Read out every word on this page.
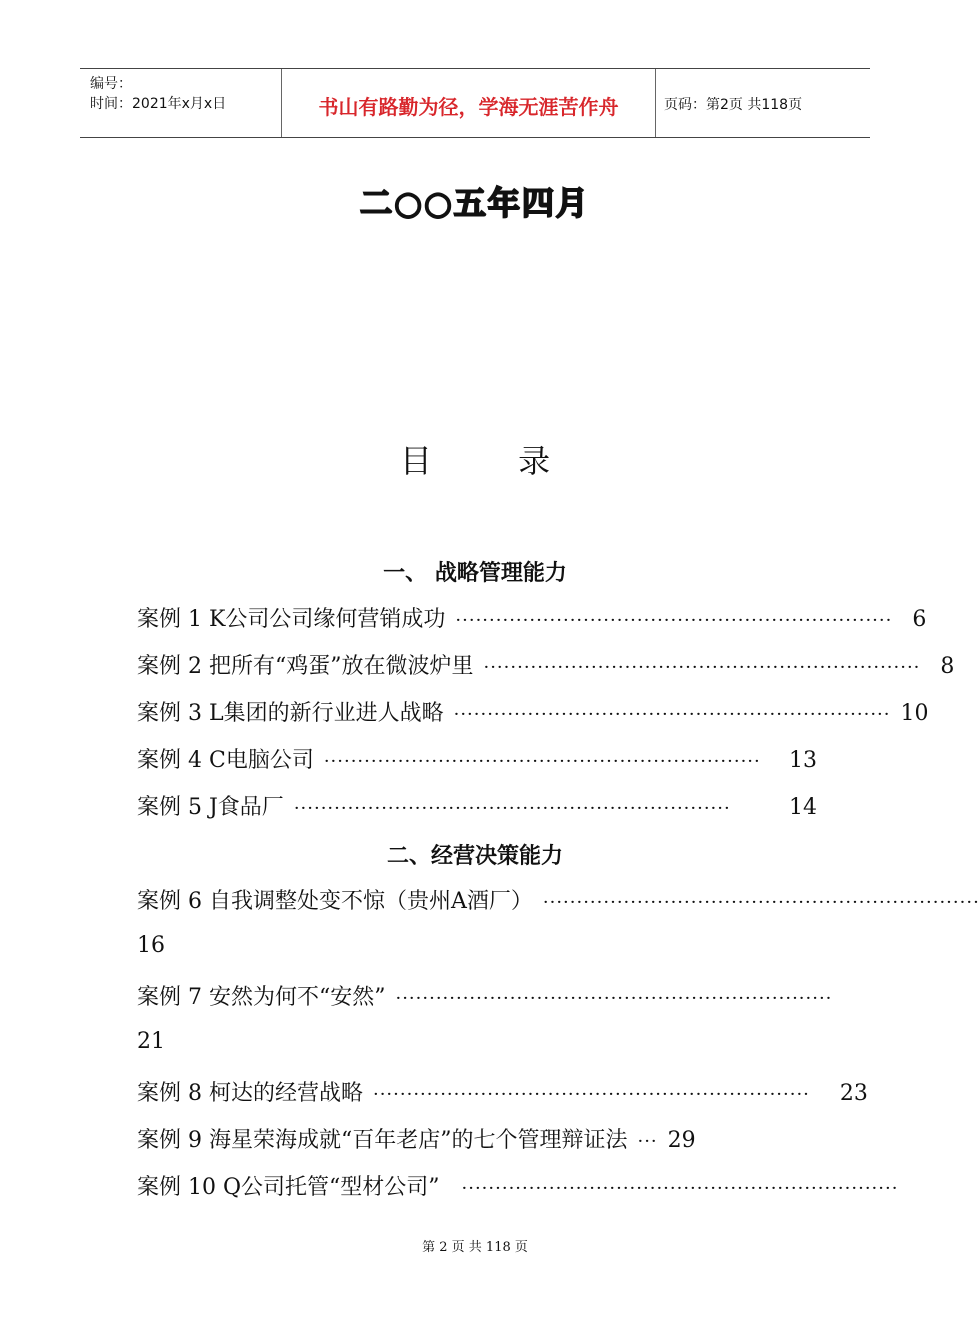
编号：
时间：2021年x月x日	书山有路勤为径，学海无涯苦作舟	页码：第2页 共118页
二○○五年四月
目	录
一、 战略管理能力
案例 1 K公司公司缘何营销成功 ································································· 6
案例 2 把所有“鸡蛋”放在微波炉里 ································································· 8
案例 3 L集团的新行业进人战略 ································································· 10
案例 4 C电脑公司 ·································································	13
案例 5 J食品厂 ·································································	14
二、经营决策能力
案例 6 自我调整处变不惊（贵州A酒厂） ·································································
16
案例 7 安然为何不“安然” ·································································
21
案例 8 柯达的经营战略 ································································· 23
案例 9 海星荣海成就“百年老店”的七个管理辩证法 ··· 29
案例 10 Q公司托管“型材公司” ·································································
第 2 页 共 118 页
